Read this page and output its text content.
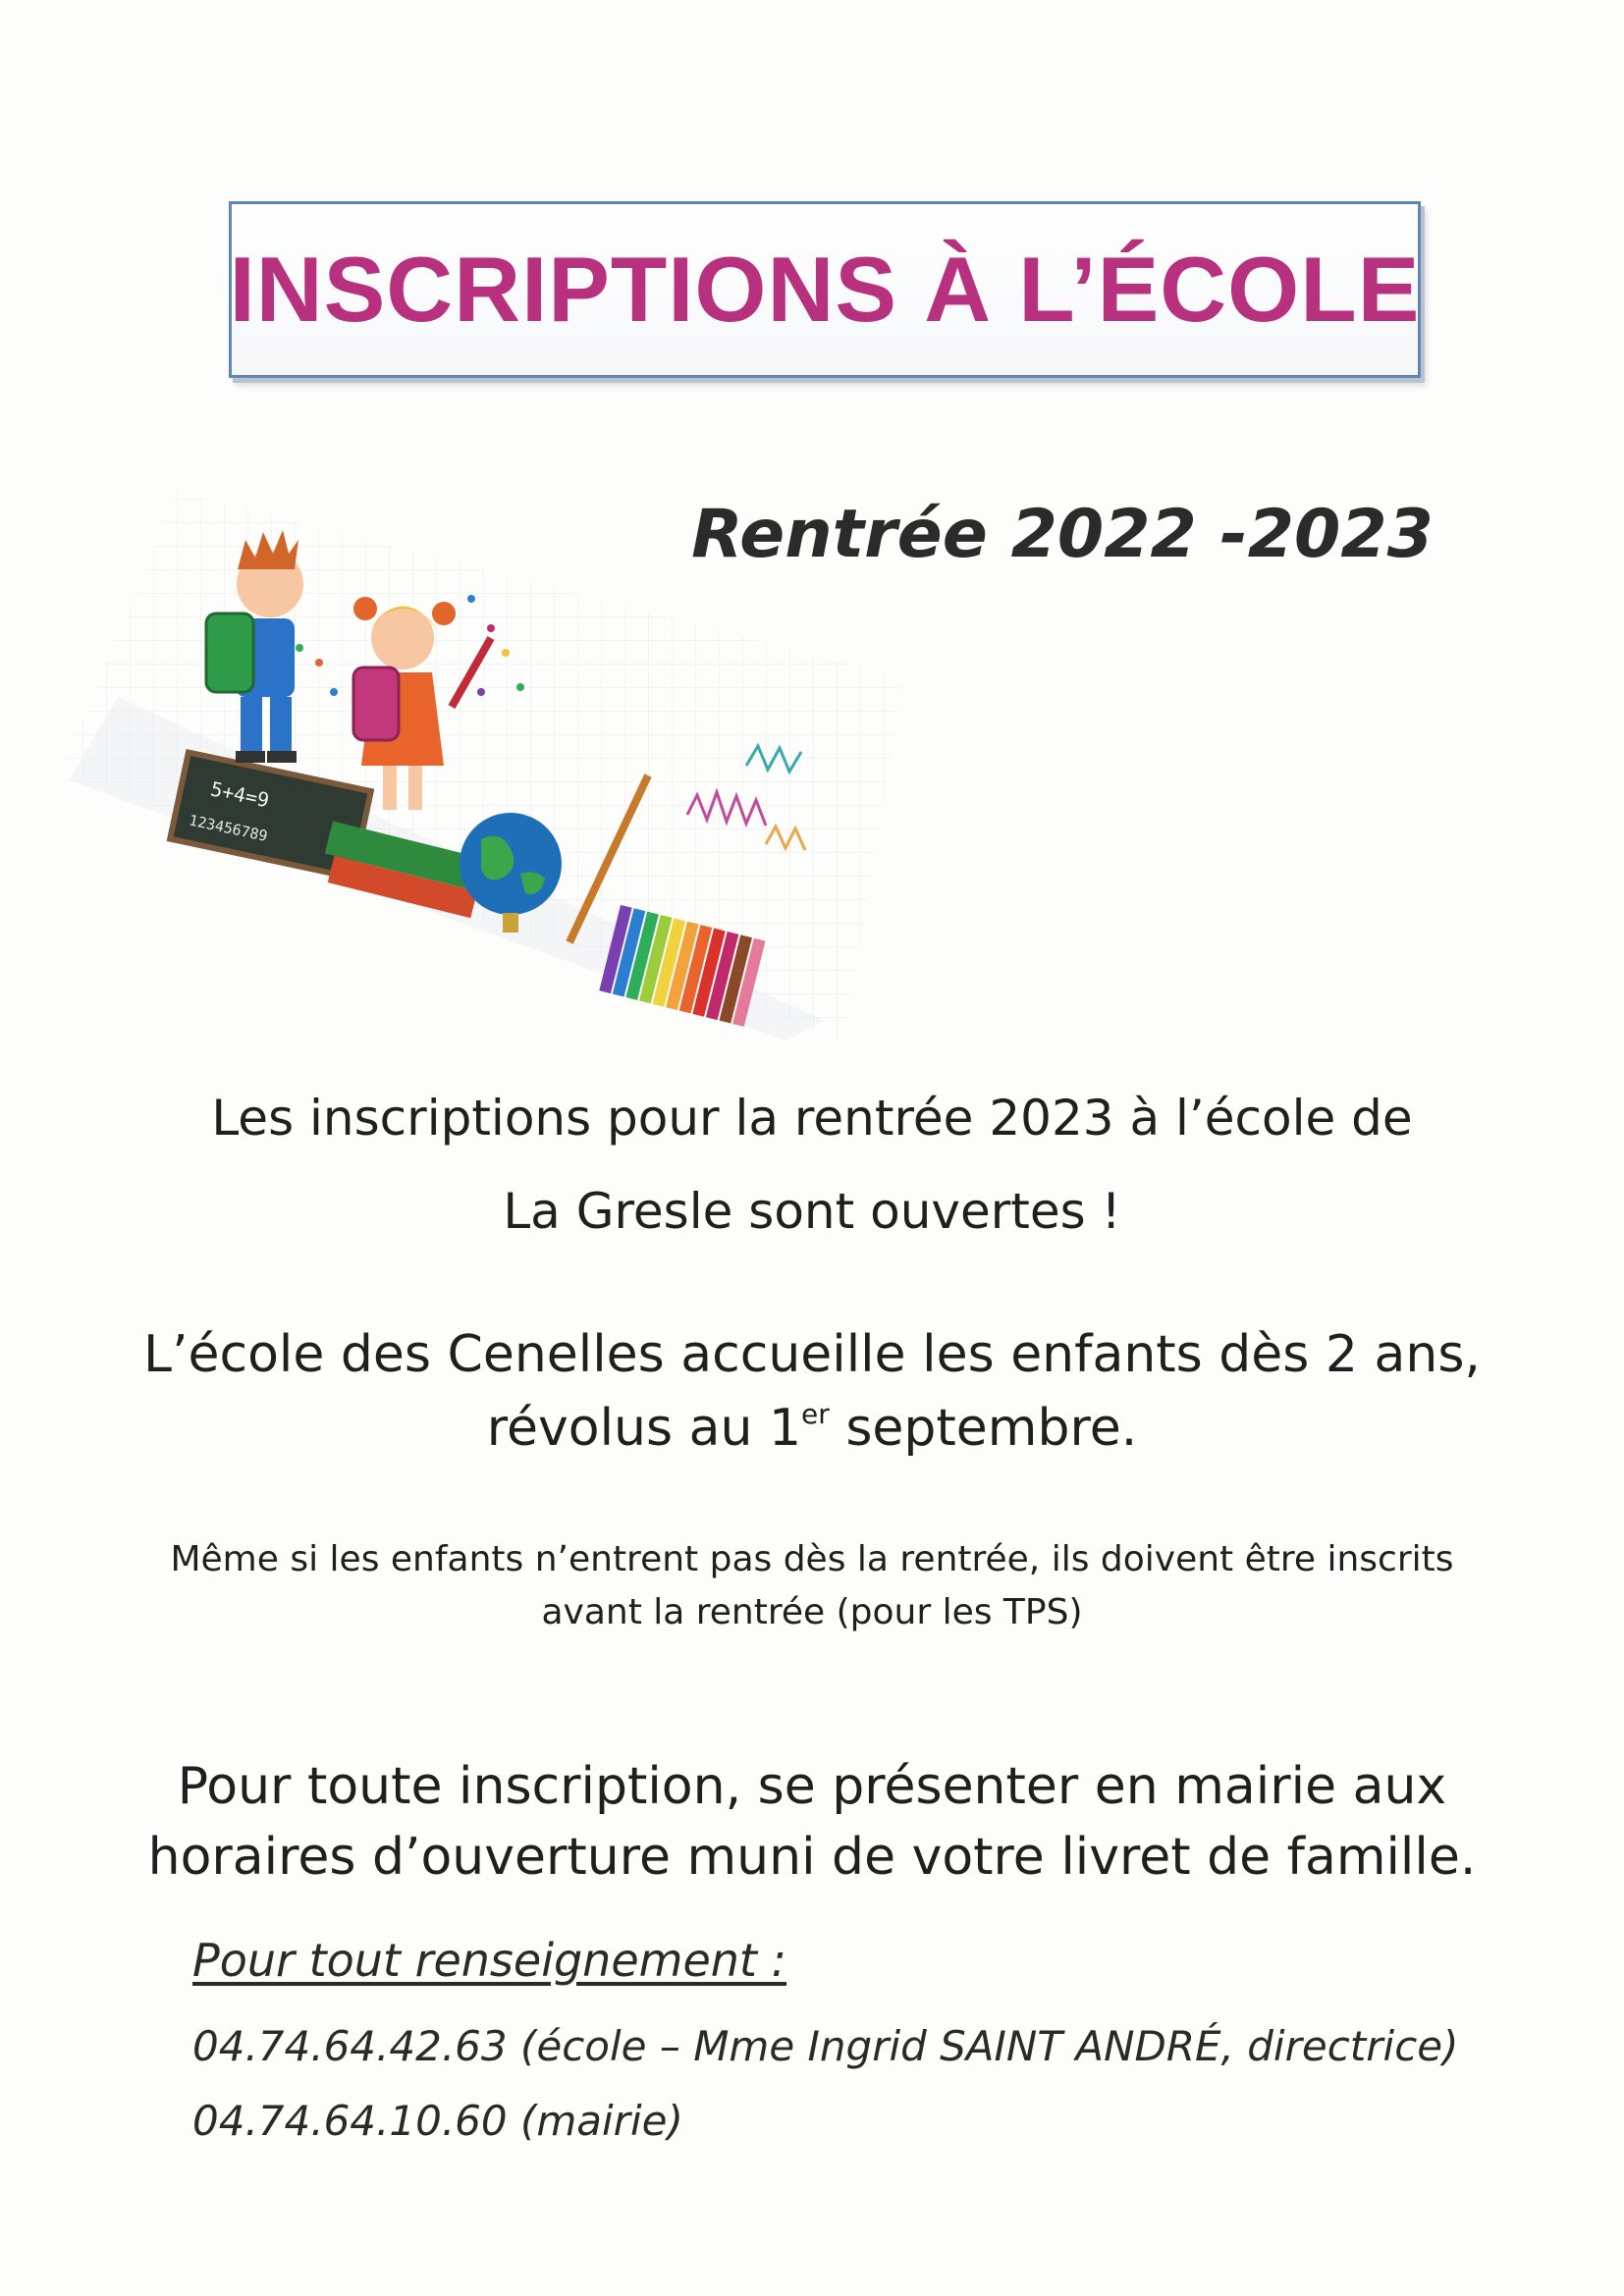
INSCRIPTIONS À L’ÉCOLE
Rentrée 2022 -2023
5+4=9
123456789
Les inscriptions pour la rentrée 2023 à l’école de
La Gresle sont ouvertes !
L’école des Cenelles accueille les enfants dès 2 ans,
révolus au 1er septembre.
Même si les enfants n’entrent pas dès la rentrée, ils doivent être inscrits
avant la rentrée (pour les TPS)
Pour toute inscription, se présenter en mairie aux
horaires d’ouverture muni de votre livret de famille.
Pour tout renseignement :
04.74.64.42.63 (école – Mme Ingrid SAINT ANDRÉ, directrice)
04.74.64.10.60 (mairie)
